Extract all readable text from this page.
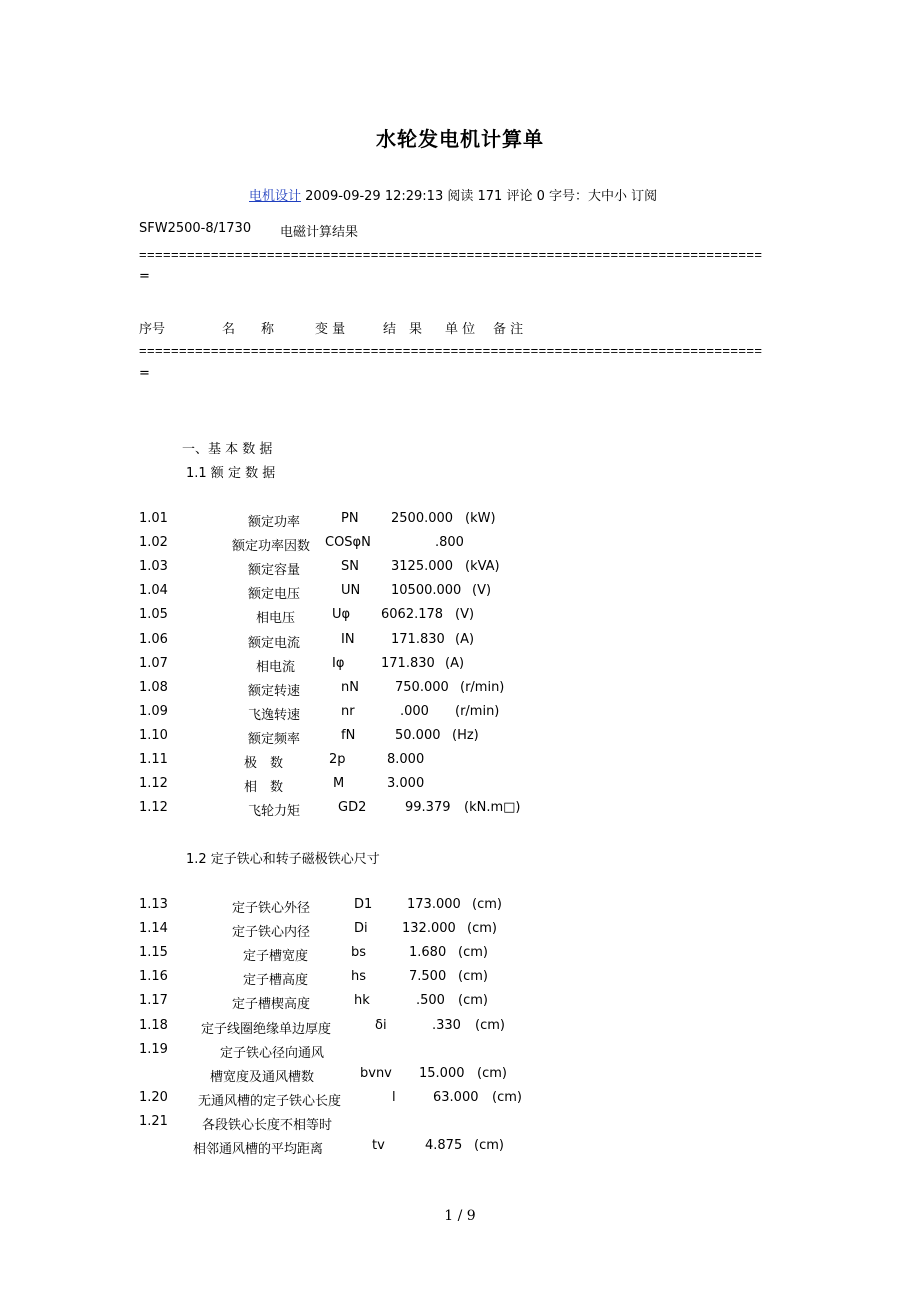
水轮发电机计算单
电机设计 2009-09-29 12:29:13 阅读 171 评论 0 字号：大中小 订阅
SFW2500-8/1730 电磁计算结果
==============================================================================
=
序号	名　　称	变 量	结　果 单 位 备 注
==============================================================================
=
一、基 本 数 据
1.1 额 定 数 据
1.01	额定功率	PN 2500.000 (kW)
1.02	额定功率因数 COSφN	.800
1.03	额定容量	SN 3125.000 (kVA)
1.04	额定电压	UN 10500.000 (V)
1.05	相电压	Uφ 6062.178 (V)
1.06	额定电流	IN	171.830 (A)
1.07	相电流	Iφ	171.830 (A)
1.08	额定转速	nN	750.000 (r/min)
1.09	飞逸转速	nr	.000 (r/min)
1.10	额定频率	fN	50.000 (Hz)
1.11	极　数	2p	8.000
1.12	相　数	M	3.000
1.12	飞轮力矩	GD2	99.379 (kN.m□)
1.2 定子铁心和转子磁极铁心尺寸
1.13	定子铁心外径	D1	173.000 (cm)
1.14	定子铁心内径	Di	132.000 (cm)
1.15	定子槽宽度	bs	1.680 (cm)
1.16	定子槽高度	hs	7.500 (cm)
1.17	定子槽楔高度	hk	.500 (cm)
1.18	定子线圈绝缘单边厚度	δi	.330 (cm)
1.19	定子铁心径向通风
槽宽度及通风槽数	bvnv 15.000 (cm)
1.20 无通风槽的定子铁心长度	l	63.000 (cm)
1.21	各段铁心长度不相等时
相邻通风槽的平均距离	tv	4.875 (cm)
1 / 9
